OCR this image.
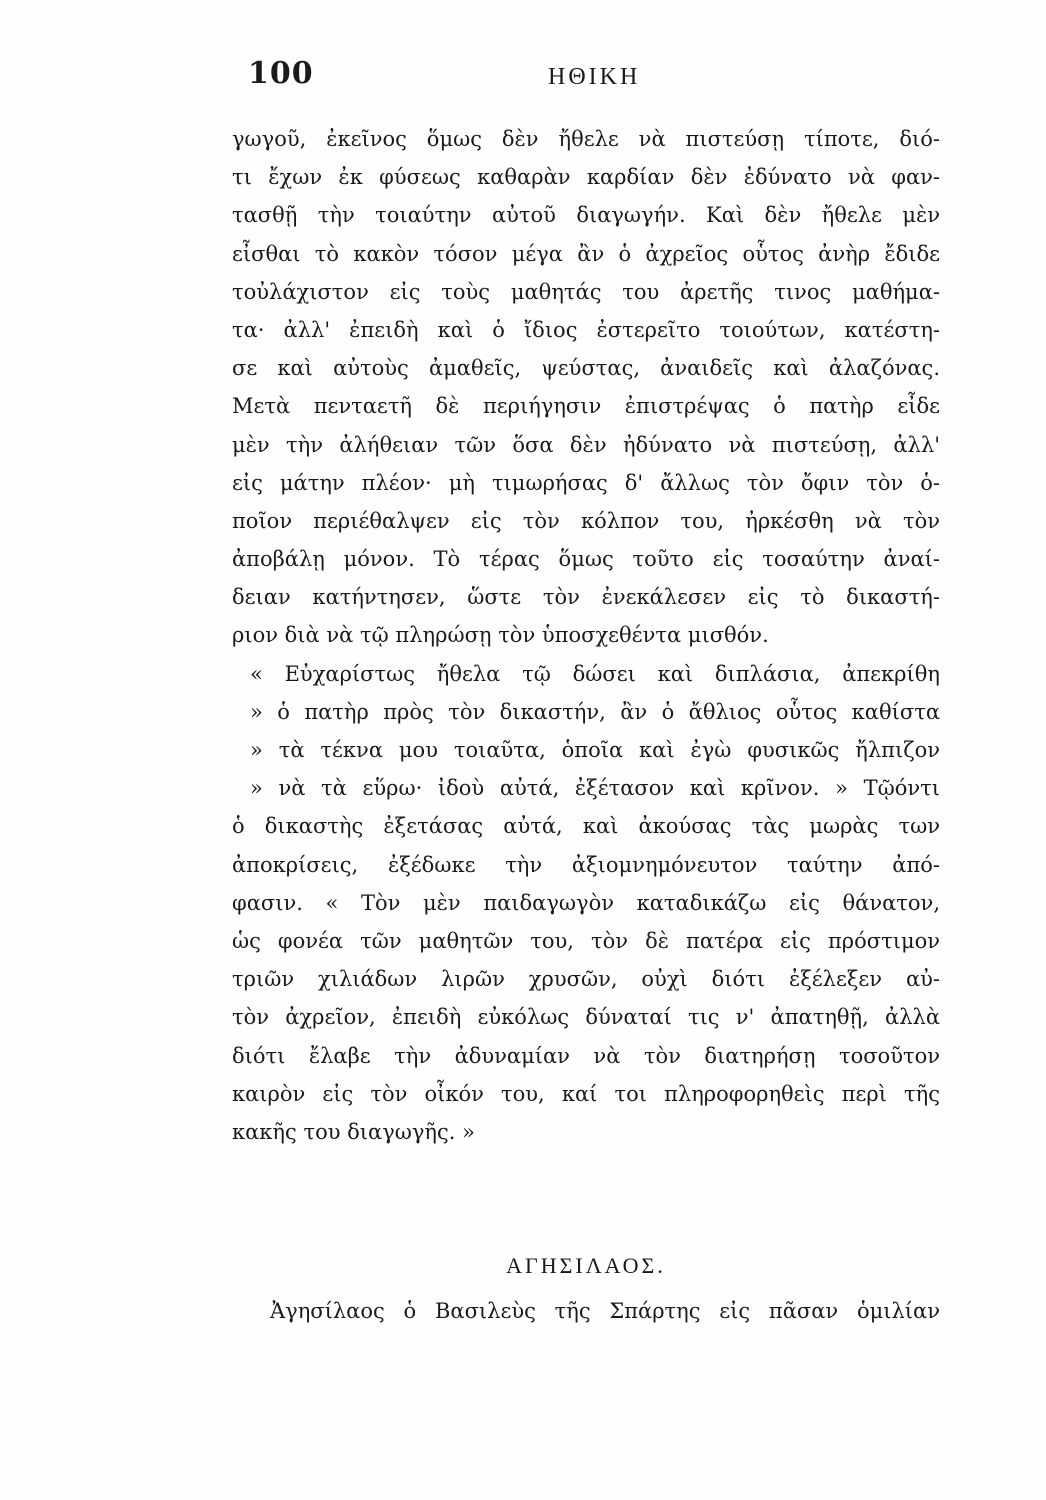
100	ΗΘΙΚΗ
γωγοῦ, ἐκεῖνος ὅμως δὲν ἤθελε νὰ πιστεύσῃ τίποτε, διό-
τι ἔχων ἐκ φύσεως καθαρὰν καρδίαν δὲν ἐδύνατο νὰ φαν-
τασθῇ τὴν τοιαύτην αὐτοῦ διαγωγήν. Καὶ δὲν ἤθελε μὲν
εἶσθαι τὸ κακὸν τόσον μέγα ἂν ὁ ἀχρεῖος οὗτος ἀνὴρ ἔδιδε
τοὐλάχιστον εἰς τοὺς μαθητάς του ἀρετῆς τινος μαθήμα-
τα· ἀλλ' ἐπειδὴ καὶ ὁ ἴδιος ἐστερεῖτο τοιούτων, κατέστη-
σε καὶ αὐτοὺς ἀμαθεῖς, ψεύστας, ἀναιδεῖς καὶ ἀλαζόνας.
Μετὰ πενταετῆ δὲ περιήγησιν ἐπιστρέψας ὁ πατὴρ εἶδε
μὲν τὴν ἀλήθειαν τῶν ὅσα δὲν ἠδύνατο νὰ πιστεύσῃ, ἀλλ'
εἰς μάτην πλέον· μὴ τιμωρήσας δ' ἄλλως τὸν ὄφιν τὸν ὁ-
ποῖον περιέθαλψεν εἰς τὸν κόλπον του, ἠρκέσθη νὰ τὸν
ἀποβάλῃ μόνον. Τὸ τέρας ὅμως τοῦτο εἰς τοσαύτην ἀναί-
δειαν κατήντησεν, ὥστε τὸν ἐνεκάλεσεν εἰς τὸ δικαστή-
ριον διὰ νὰ τῷ πληρώσῃ τὸν ὑποσχεθέντα μισθόν.
« Εὐχαρίστως ἤθελα τῷ δώσει καὶ διπλάσια, ἀπεκρίθη
» ὁ πατὴρ πρὸς τὸν δικαστήν, ἂν ὁ ἄθλιος οὗτος καθίστα
» τὰ τέκνα μου τοιαῦτα, ὁποῖα καὶ ἐγὼ φυσικῶς ἤλπιζον
» νὰ τὰ εὕρω· ἰδοὺ αὐτά, ἐξέτασον καὶ κρῖνον. » Τῷόντι
ὁ δικαστὴς ἐξετάσας αὐτά, καὶ ἀκούσας τὰς μωρὰς των
ἀποκρίσεις, ἐξέδωκε τὴν ἀξιομνημόνευτον ταύτην ἀπό-
φασιν. « Τὸν μὲν παιδαγωγὸν καταδικάζω εἰς θάνατον,
ὡς φονέα τῶν μαθητῶν του, τὸν δὲ πατέρα εἰς πρόστιμον
τριῶν χιλιάδων λιρῶν χρυσῶν, οὐχὶ διότι ἐξέλεξεν αὐ-
τὸν ἀχρεῖον, ἐπειδὴ εὐκόλως δύναταί τις ν' ἀπατηθῇ, ἀλλὰ
διότι ἔλαβε τὴν ἀδυναμίαν νὰ τὸν διατηρήσῃ τοσοῦτον
καιρὸν εἰς τὸν οἶκόν του, καί τοι πληροφορηθεὶς περὶ τῆς
κακῆς του διαγωγῆς. »
ΑΓΗΣΙΛΑΟΣ.
Ἀγησίλαος ὁ Βασιλεὺς τῆς Σπάρτης εἰς πᾶσαν ὁμιλίαν
